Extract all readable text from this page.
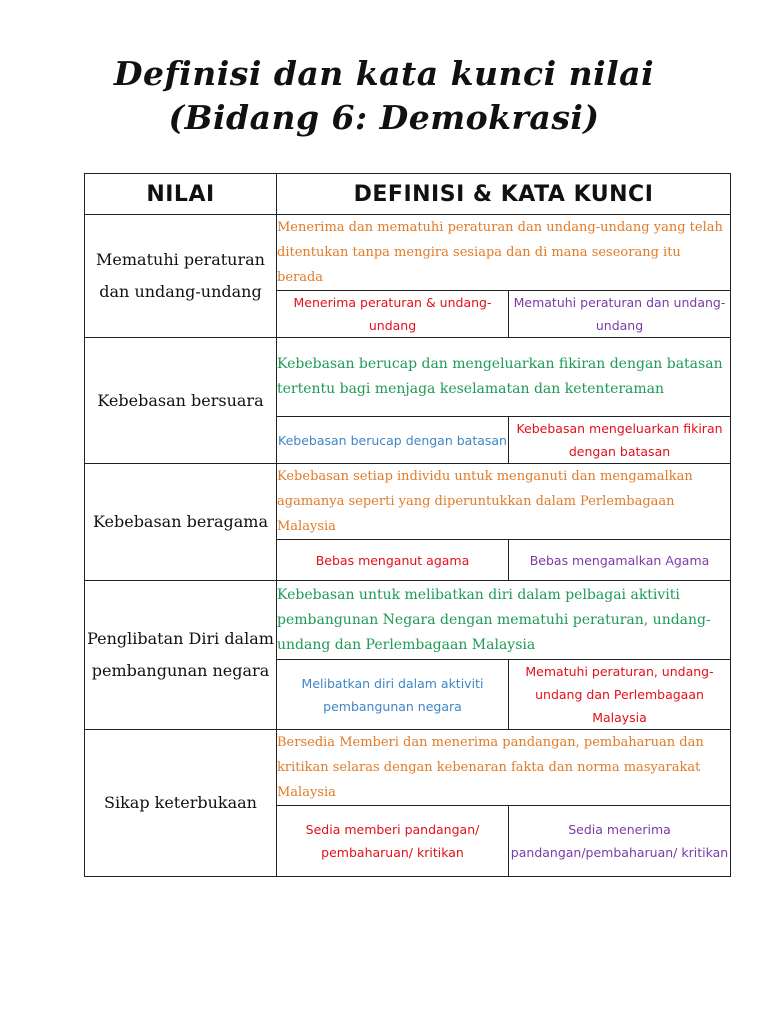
Definisi dan kata kunci nilai
(Bidang 6: Demokrasi)
NILAI	DEFINISI & KATA KUNCI	
Mematuhi peraturan dan undang-undang	Menerima dan mematuhi peraturan dan undang-undang yang telah ditentukan tanpa mengira sesiapa dan di mana seseorang itu berada	
	Menerima peraturan & undang-undang	Mematuhi peraturan dan undang-undang
Kebebasan bersuara	Kebebasan berucap dan mengeluarkan fikiran dengan batasan tertentu bagi menjaga keselamatan dan ketenteraman	
	Kebebasan berucap dengan batasan	Kebebasan mengeluarkan fikiran dengan batasan
Kebebasan beragama	Kebebasan setiap individu untuk menganuti dan mengamalkan agamanya seperti yang diperuntukkan dalam Perlembagaan Malaysia	
	Bebas menganut agama	Bebas mengamalkan Agama
Penglibatan Diri dalam pembangunan negara	Kebebasan untuk melibatkan diri dalam pelbagai aktiviti pembangunan Negara dengan mematuhi peraturan, undang-undang dan Perlembagaan Malaysia	
	Melibatkan diri dalam aktiviti pembangunan negara	Mematuhi peraturan, undang-undang dan Perlembagaan Malaysia
Sikap keterbukaan	Bersedia Memberi dan menerima pandangan, pembaharuan dan kritikan selaras dengan kebenaran fakta dan norma masyarakat Malaysia	
	Sedia memberi pandangan/ pembaharuan/ kritikan	Sedia menerima pandangan/pembaharuan/ kritikan
